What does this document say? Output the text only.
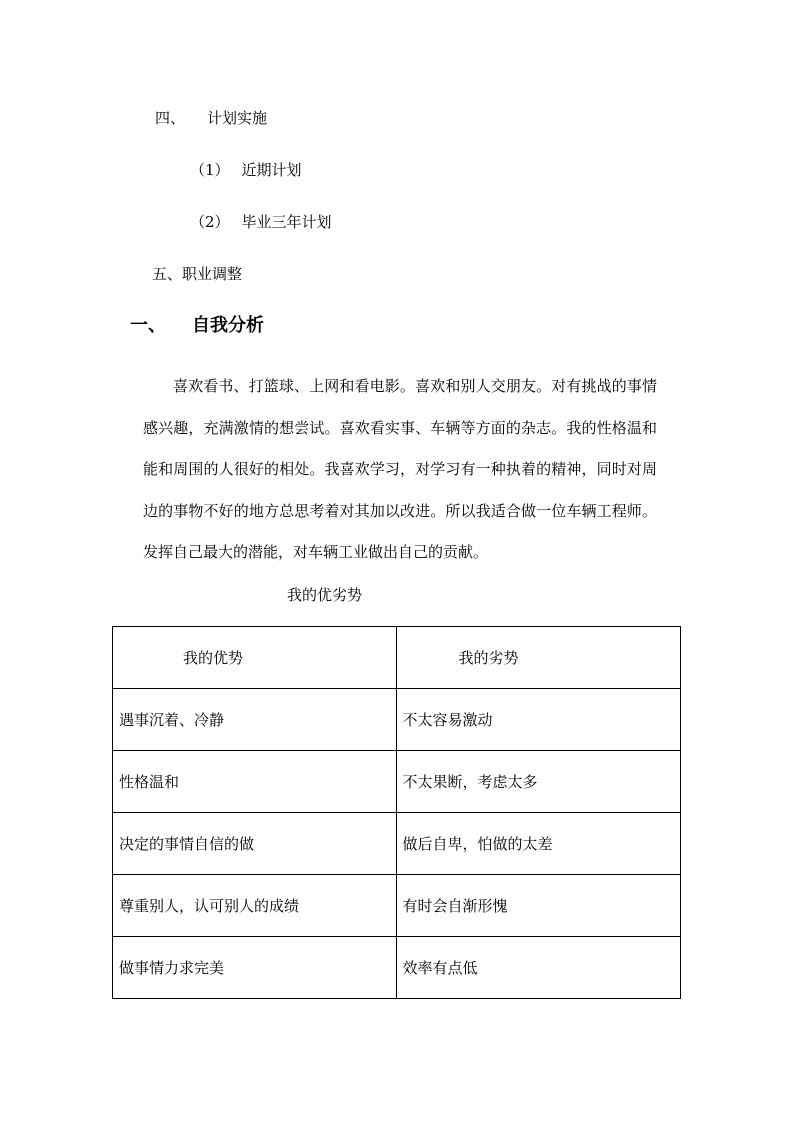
四、 计划实施
（1） 近期计划
（2） 毕业三年计划
五、职业调整
一、 自我分析

喜欢看书、打篮球、上网和看电影。喜欢和别人交朋友。对有挑战的事情感兴趣，充满激情的想尝试。喜欢看实事、车辆等方面的杂志。我的性格温和能和周围的人很好的相处。我喜欢学习，对学习有一种执着的精神，同时对周边的事物不好的地方总思考着对其加以改进。所以我适合做一位车辆工程师。发挥自己最大的潜能，对车辆工业做出自己的贡献。

我的优劣势
我的优势	我的劣势
遇事沉着、冷静	不太容易激动
性格温和	不太果断，考虑太多
决定的事情自信的做	做后自卑，怕做的太差
尊重别人，认可别人的成绩	有时会自渐形愧
做事情力求完美	效率有点低
